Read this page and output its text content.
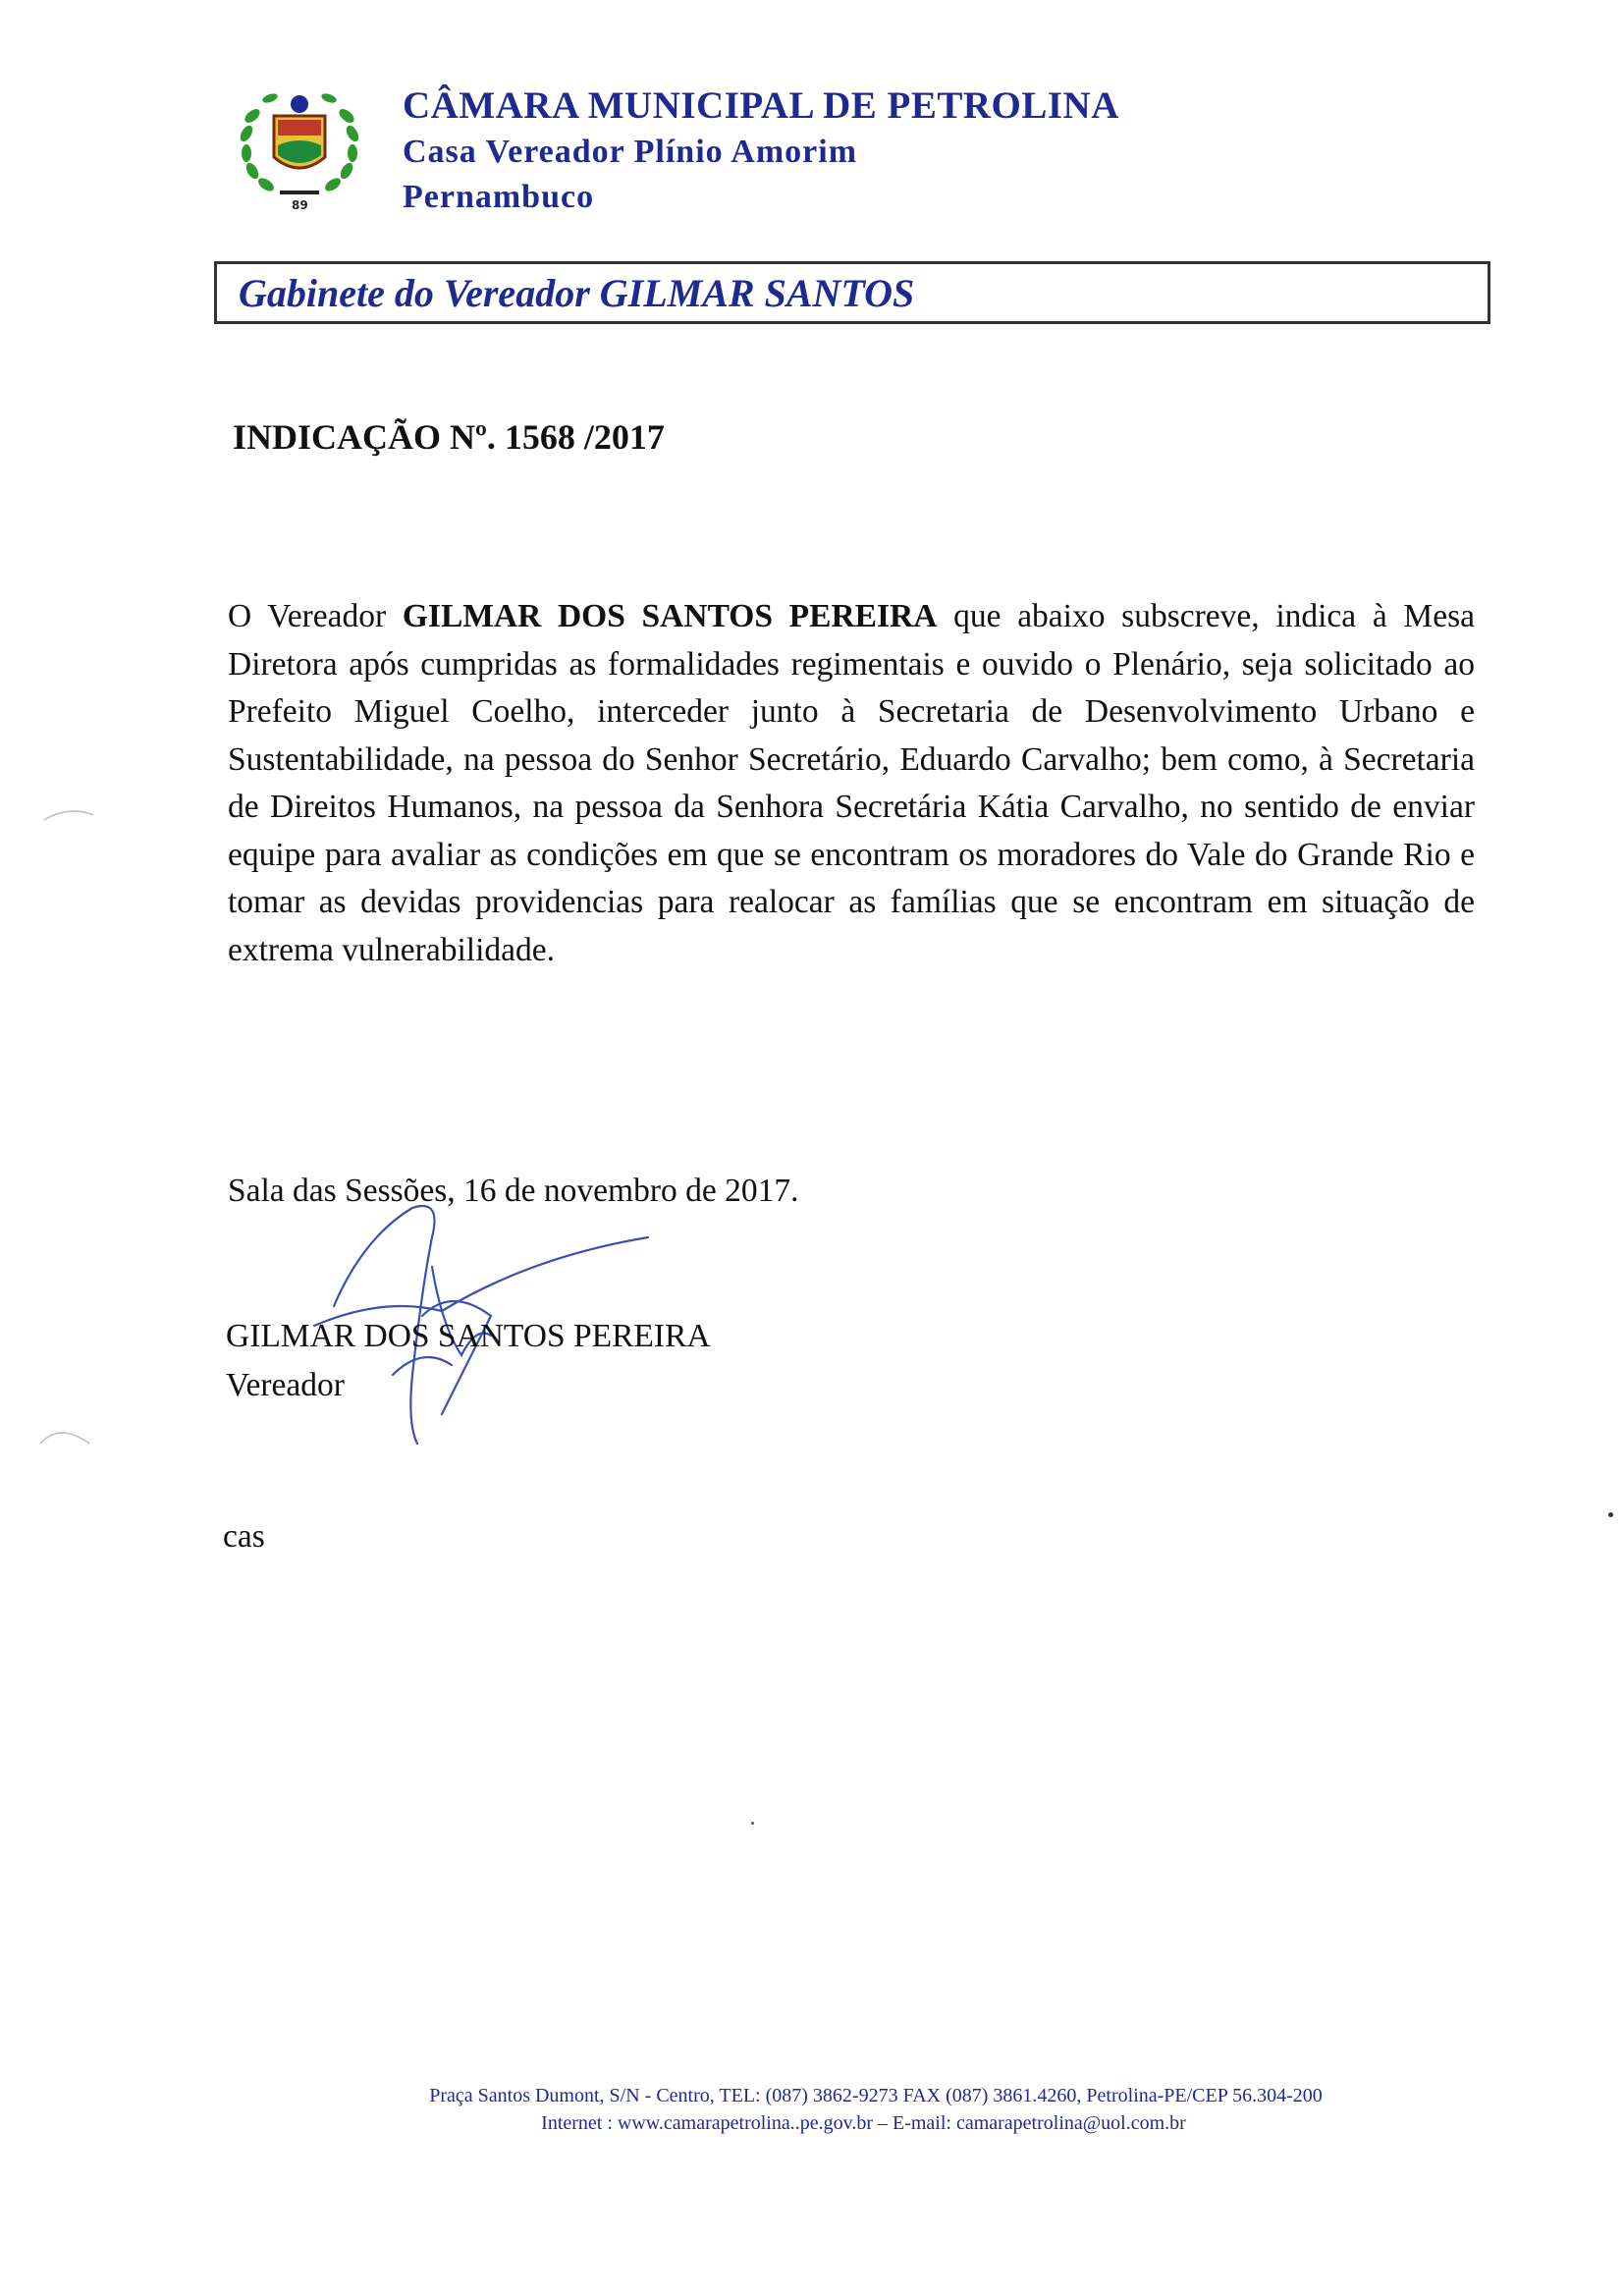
89
CÂMARA MUNICIPAL DE PETROLINA
Casa Vereador Plínio Amorim
Pernambuco
Gabinete do Vereador GILMAR SANTOS
INDICAÇÃO Nº. 1568 /2017
O Vereador GILMAR DOS SANTOS PEREIRA que abaixo subscreve, indica à Mesa Diretora após cumpridas as formalidades regimentais e ouvido o Plenário, seja solicitado ao Prefeito Miguel Coelho, interceder junto à Secretaria de Desenvolvimento Urbano e Sustentabilidade, na pessoa do Senhor Secretário, Eduardo Carvalho; bem como, à Secretaria de Direitos Humanos, na pessoa da Senhora Secretária Kátia Carvalho, no sentido de enviar equipe para avaliar as condições em que se encontram os moradores do Vale do Grande Rio e tomar as devidas providencias para realocar as famílias que se encontram em situação de extrema vulnerabilidade.
Sala das Sessões, 16 de novembro de 2017.
GILMAR DOS SANTOS PEREIRA
Vereador
cas
Praça Santos Dumont, S/N - Centro, TEL: (087) 3862-9273 FAX (087) 3861.4260, Petrolina-PE/CEP 56.304-200
Internet : www.camarapetrolina..pe.gov.br – E-mail: camarapetrolina@uol.com.br
